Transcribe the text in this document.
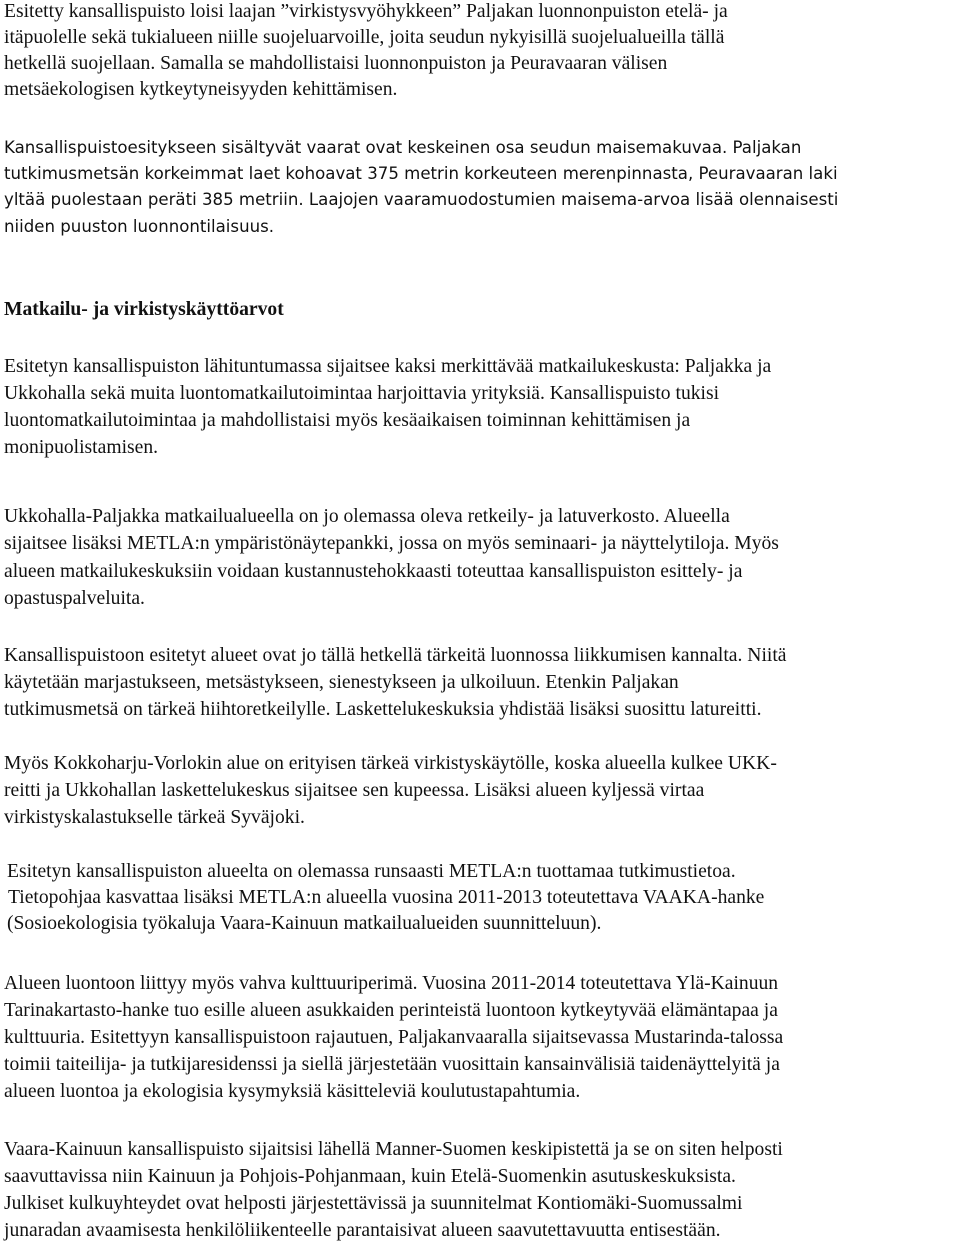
Esitetty kansallispuisto loisi laajan ”virkistysvyöhykkeen” Paljakan luonnonpuiston etelä- ja

itäpuolelle sekä tukialueen niille suojeluarvoille, joita seudun nykyisillä suojelualueilla tällä

hetkellä suojellaan. Samalla se mahdollistaisi luonnonpuiston ja Peuravaaran välisen

metsäekologisen kytkeytyneisyyden kehittämisen.

Kansallispuistoesitykseen sisältyvät vaarat ovat keskeinen osa seudun maisemakuvaa. Paljakan

tutkimusmetsän korkeimmat laet kohoavat 375 metrin korkeuteen merenpinnasta, Peuravaaran laki

yltää puolestaan peräti 385 metriin. Laajojen vaaramuodostumien maisema-arvoa lisää olennaisesti

niiden puuston luonnontilaisuus.

Matkailu- ja virkistyskäyttöarvot

Esitetyn kansallispuiston lähituntumassa sijaitsee kaksi merkittävää matkailukeskusta: Paljakka ja

Ukkohalla sekä muita luontomatkailutoimintaa harjoittavia yrityksiä. Kansallispuisto tukisi

luontomatkailutoimintaa ja mahdollistaisi myös kesäaikaisen toiminnan kehittämisen ja

monipuolistamisen.

Ukkohalla-Paljakka matkailualueella on jo olemassa oleva retkeily- ja latuverkosto. Alueella

sijaitsee lisäksi METLA:n ympäristönäytepankki, jossa on myös seminaari- ja näyttelytiloja. Myös

alueen matkailukeskuksiin voidaan kustannustehokkaasti toteuttaa kansallispuiston esittely- ja

opastuspalveluita.

Kansallispuistoon esitetyt alueet ovat jo tällä hetkellä tärkeitä luonnossa liikkumisen kannalta. Niitä

käytetään marjastukseen, metsästykseen, sienestykseen ja ulkoiluun. Etenkin Paljakan

tutkimusmetsä on tärkeä hiihtoretkeilylle. Laskettelukeskuksia yhdistää lisäksi suosittu latureitti.

Myös Kokkoharju-Vorlokin alue on erityisen tärkeä virkistyskäytölle, koska alueella kulkee UKK-

reitti ja Ukkohallan laskettelukeskus sijaitsee sen kupeessa. Lisäksi alueen kyljessä virtaa

virkistyskalastukselle tärkeä Syväjoki.

Esitetyn kansallispuiston alueelta on olemassa runsaasti METLA:n tuottamaa tutkimustietoa.

Tietopohjaa kasvattaa lisäksi METLA:n alueella vuosina 2011-2013 toteutettava VAAKA-hanke

(Sosioekologisia työkaluja Vaara-Kainuun matkailualueiden suunnitteluun).

Alueen luontoon liittyy myös vahva kulttuuriperimä. Vuosina 2011-2014 toteutettava Ylä-Kainuun

Tarinakartasto-hanke tuo esille alueen asukkaiden perinteistä luontoon kytkeytyvää elämäntapaa ja

kulttuuria. Esitettyyn kansallispuistoon rajautuen, Paljakanvaaralla sijaitsevassa Mustarinda-talossa

toimii taiteilija- ja tutkijaresidenssi ja siellä järjestetään vuosittain kansainvälisiä taidenäyttelyitä ja

alueen luontoa ja ekologisia kysymyksiä käsitteleviä koulutustapahtumia.

Vaara-Kainuun kansallispuisto sijaitsisi lähellä Manner-Suomen keskipistettä ja se on siten helposti

saavuttavissa niin Kainuun ja Pohjois-Pohjanmaan, kuin Etelä-Suomenkin asutuskeskuksista.

Julkiset kulkuyhteydet ovat helposti järjestettävissä ja suunnitelmat Kontiomäki-Suomussalmi

junaradan avaamisesta henkilöliikenteelle parantaisivat alueen saavutettavuutta entisestään.
